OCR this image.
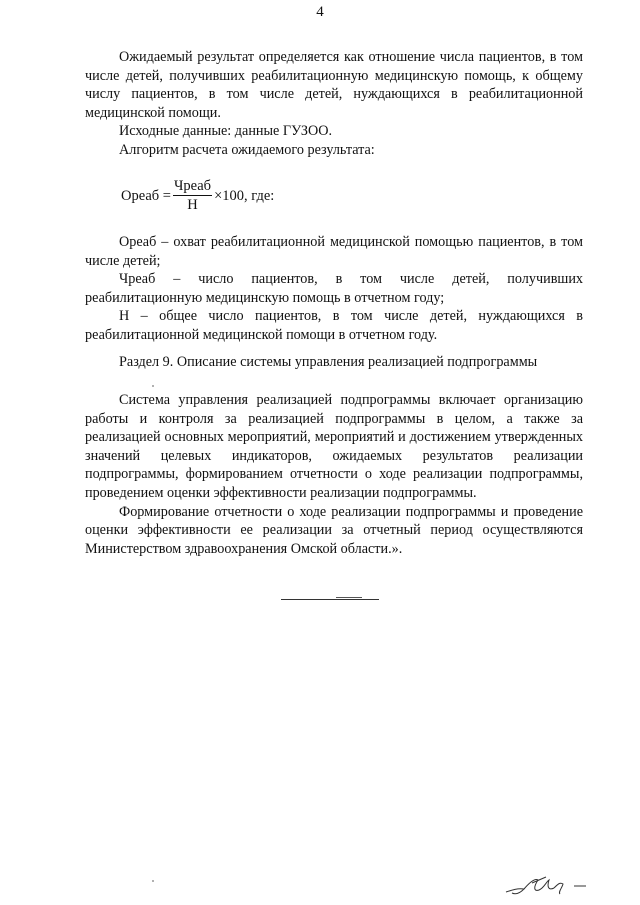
4

Ожидаемый результат определяется как отношение числа пациентов, в том числе детей, получивших реабилитационную медицинскую помощь, к общему числу пациентов, в том числе детей, нуждающихся в реабилитационной медицинской помощи.

Исходные данные: данные ГУЗОО.

Алгоритм расчета ожидаемого результата:

Ореаб = $\frac{\text{Чреаб}}{Н} \times 100$, где:

Ореаб – охват реабилитационной медицинской помощью пациентов, в том числе детей;

Чреаб – число пациентов, в том числе детей, получивших реабилитационную медицинскую помощь в отчетном году;

Н – общее число пациентов, в том числе детей, нуждающихся в реабилитационной медицинской помощи в отчетном году.

Раздел 9. Описание системы управления реализацией подпрограммы

Система управления реализацией подпрограммы включает организацию работы и контроля за реализацией подпрограммы в целом, а также за реализацией основных мероприятий, мероприятий и достижением утвержденных значений целевых индикаторов, ожидаемых результатов реализации подпрограммы, формированием отчетности о ходе реализации подпрограммы, проведением оценки эффективности реализации подпрограммы.

Формирование отчетности о ходе реализации подпрограммы и проведение оценки эффективности ее реализации за отчетный период осуществляются Министерством здравоохранения Омской области.».
